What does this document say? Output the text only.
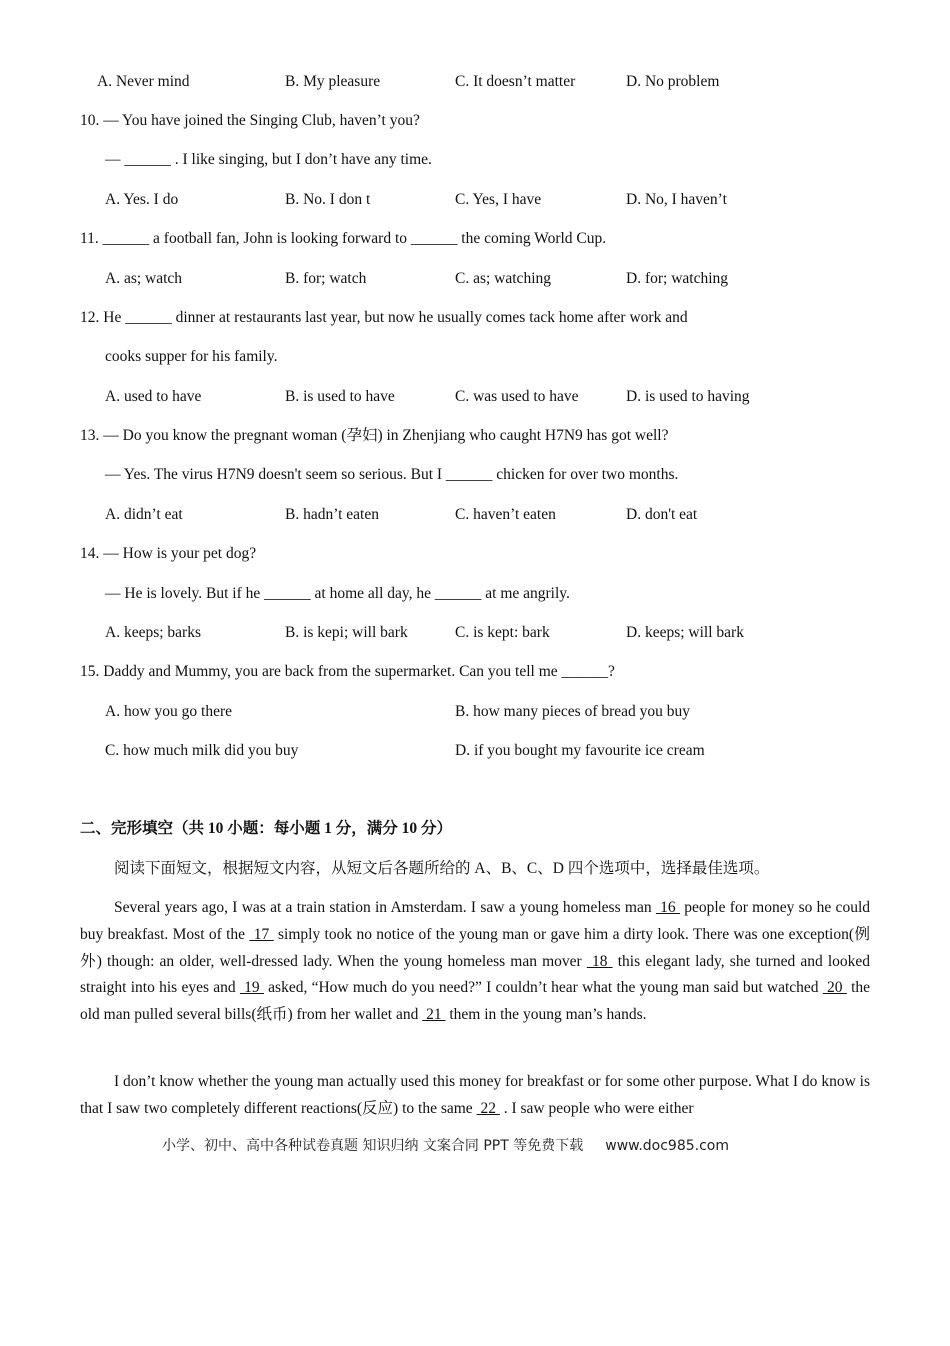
A. Never mind	B. My pleasure	C. It doesn’t matter	D. No problem
10. — You have joined the Singing Club, haven’t you?
— ______ . I like singing, but I don’t have any time.
A. Yes. I do	B. No. I don t	C. Yes, I have	D. No, I haven’t
11. ______ a football fan, John is looking forward to ______ the coming World Cup.
A. as; watch	B. for; watch	C. as; watching	D. for; watching
12. He ______ dinner at restaurants last year, but now he usually comes tack home after work and
cooks supper for his family.
A. used to have	B. is used to have	C. was used to have	D. is used to having
13. — Do you know the pregnant woman (孕妇) in Zhenjiang who caught H7N9 has got well?
— Yes. The virus H7N9 doesn't seem so serious. But I ______ chicken for over two months.
A. didn’t eat	B. hadn’t eaten	C. haven’t eaten	D. don't eat
14. — How is your pet dog?
— He is lovely. But if he ______ at home all day, he ______ at me angrily.
A. keeps; barks	B. is kepi; will bark	C. is kept: bark	D. keeps; will bark
15. Daddy and Mummy, you are back from the supermarket. Can you tell me ______?
A. how you go there	B. how many pieces of bread you buy
C. how much milk did you buy	D. if you bought my favourite ice cream
二、完形填空（共 10 小题：每小题 1 分，满分 10 分）
阅读下面短文，根据短文内容，从短文后各题所给的 A、B、C、D 四个选项中，选择最佳选项。
Several years ago, I was at a train station in Amsterdam. I saw a young homeless man  16  people for money so he could buy breakfast. Most of the  17  simply took no notice of the young man or gave him a dirty look. There was one exception(例外) though: an older, well-dressed lady. When the young homeless man mover  18  this elegant lady, she turned and looked straight into his eyes and  19  asked, “How much do you need?” I couldn’t hear what the young man said but watched  20  the old man pulled several bills(纸币) from her wallet and  21  them in the young man’s hands.
I don’t know whether the young man actually used this money for breakfast or for some other purpose. What I do know is that I saw two completely different reactions(反应) to the same  22  . I saw people who were either
小学、初中、高中各种试卷真题 知识归纳 文案合同 PPT 等免费下载 www.doc985.com
